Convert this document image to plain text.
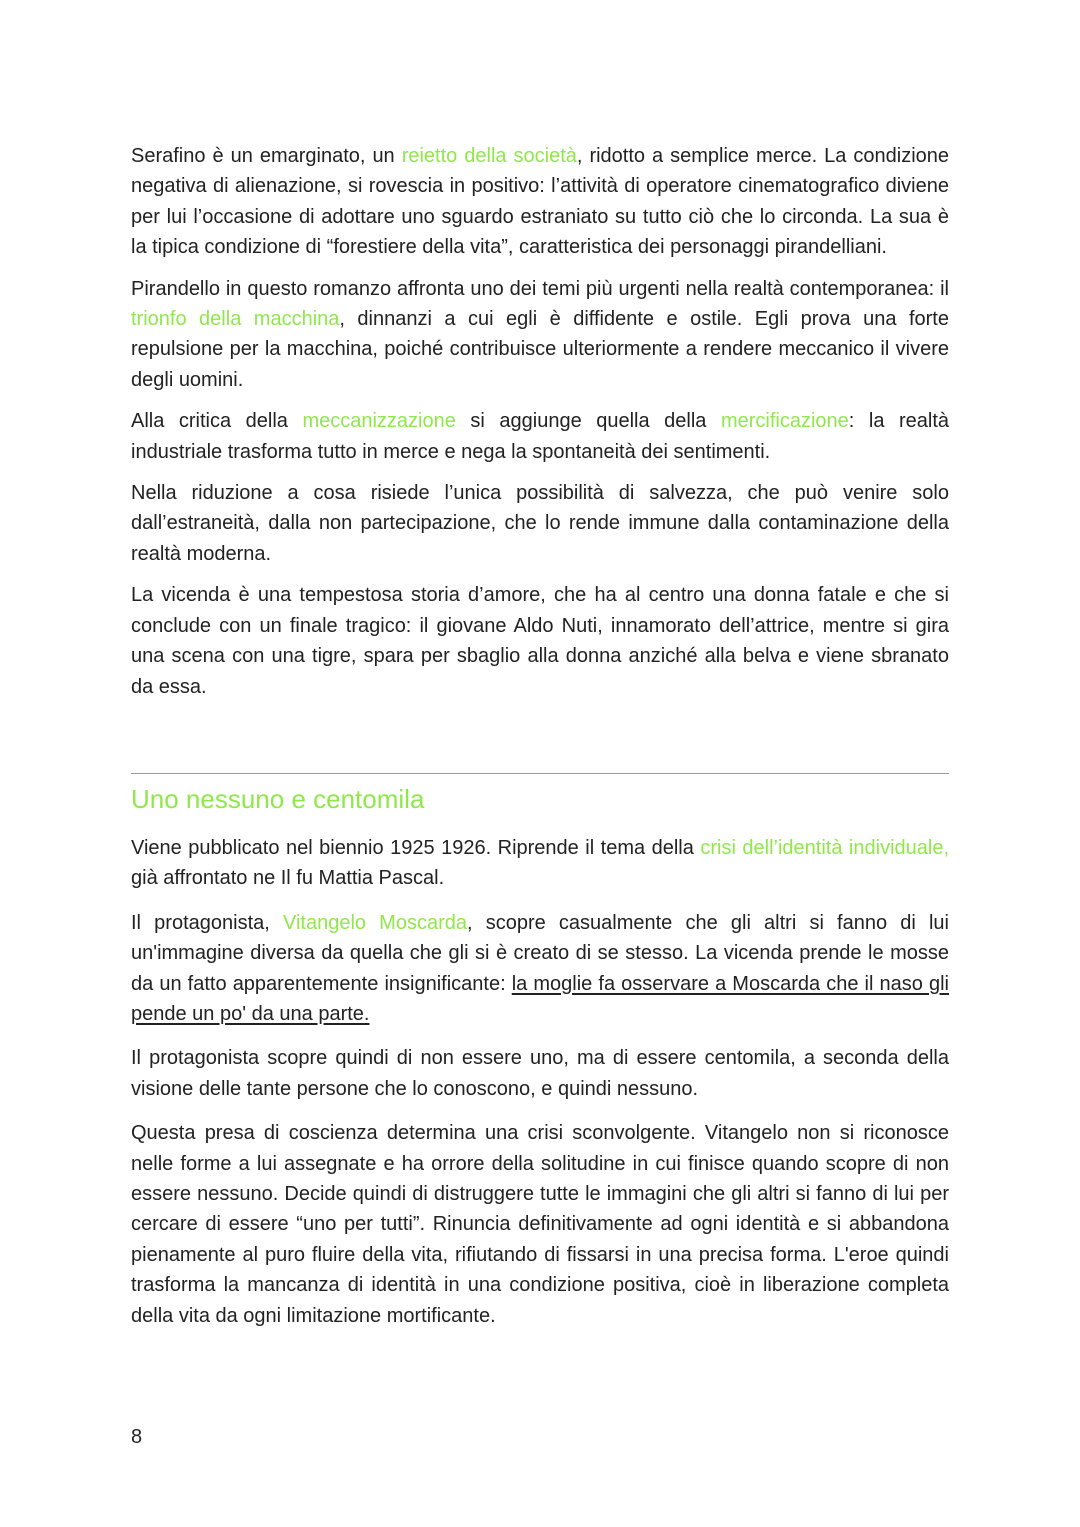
Serafino è un emarginato, un reietto della società, ridotto a semplice merce. La condizione negativa di alienazione, si rovescia in positivo: l’attività di operatore cinematografico diviene per lui l’occasione di adottare uno sguardo estraniato su tutto ciò che lo circonda. La sua è la tipica condizione di “forestiere della vita”, caratteristica dei personaggi pirandelliani.

Pirandello in questo romanzo affronta uno dei temi più urgenti nella realtà contemporanea: il trionfo della macchina, dinnanzi a cui egli è diffidente e ostile. Egli prova una forte repulsione per la macchina, poiché contribuisce ulteriormente a rendere meccanico il vivere degli uomini.

Alla critica della meccanizzazione si aggiunge quella della mercificazione: la realtà industriale trasforma tutto in merce e nega la spontaneità dei sentimenti.

Nella riduzione a cosa risiede l’unica possibilità di salvezza, che può venire solo dall’estraneità, dalla non partecipazione, che lo rende immune dalla contaminazione della realtà moderna.

La vicenda è una tempestosa storia d’amore, che ha al centro una donna fatale e che si conclude con un finale tragico: il giovane Aldo Nuti, innamorato dell’attrice, mentre si gira una scena con una tigre, spara per sbaglio alla donna anziché alla belva e viene sbranato da essa.

Uno nessuno e centomila

Viene pubblicato nel biennio 1925 1926. Riprende il tema della crisi dell’identità individuale, già affrontato ne Il fu Mattia Pascal.

Il protagonista, Vitangelo Moscarda, scopre casualmente che gli altri si fanno di lui un'immagine diversa da quella che gli si è creato di se stesso. La vicenda prende le mosse da un fatto apparentemente insignificante: la moglie fa osservare a Moscarda che il naso gli pende un po' da una parte.

Il protagonista scopre quindi di non essere uno, ma di essere centomila, a seconda della visione delle tante persone che lo conoscono, e quindi nessuno.

Questa presa di coscienza determina una crisi sconvolgente. Vitangelo non si riconosce nelle forme a lui assegnate e ha orrore della solitudine in cui finisce quando scopre di non essere nessuno. Decide quindi di distruggere tutte le immagini che gli altri si fanno di lui per cercare di essere “uno per tutti”. Rinuncia definitivamente ad ogni identità e si abbandona pienamente al puro fluire della vita, rifiutando di fissarsi in una precisa forma. L'eroe quindi trasforma la mancanza di identità in una condizione positiva, cioè in liberazione completa della vita da ogni limitazione mortificante.

8
